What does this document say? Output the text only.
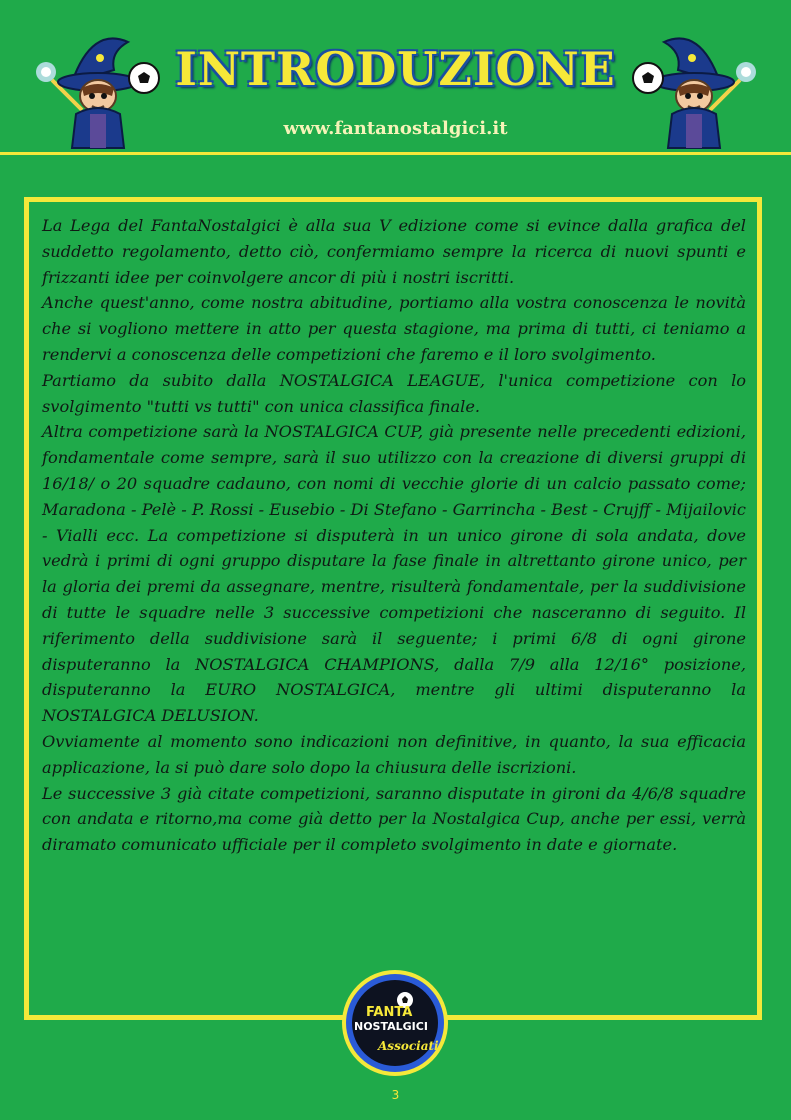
INTRODUZIONE
www.fantanostalgici.it

La Lega del FantaNostalgici è alla sua V edizione come si evince dalla grafica del suddetto regolamento, detto ciò, confermiamo sempre la ricerca di nuovi spunti e frizzanti idee per coinvolgere ancor di più i nostri iscritti.

Anche quest'anno, come nostra abitudine, portiamo alla vostra conoscenza le novità che si vogliono mettere in atto per questa stagione, ma prima di tutti, ci teniamo a rendervi a conoscenza delle competizioni che faremo e il loro svolgimento.

Partiamo da subito dalla NOSTALGICA LEAGUE, l'unica competizione con lo svolgimento "tutti vs tutti" con unica classifica finale.

Altra competizione sarà la NOSTALGICA CUP, già presente nelle precedenti edizioni, fondamentale come sempre, sarà il suo utilizzo con la creazione di diversi gruppi di 16/18/ o 20 squadre cadauno, con nomi di vecchie glorie di un calcio passato come; Maradona - Pelè - P. Rossi - Eusebio - Di Stefano - Garrincha - Best - Crujff - Mijailovic - Vialli ecc. La competizione si disputerà in un unico girone di sola andata, dove vedrà i primi di ogni gruppo disputare la fase finale in altrettanto girone unico, per la gloria dei premi da assegnare, mentre, risulterà fondamentale, per la suddivisione di tutte le squadre nelle 3 successive competizioni che nasceranno di seguito. Il riferimento della suddivisione sarà il seguente; i primi 6/8 di ogni girone disputeranno la NOSTALGICA CHAMPIONS, dalla 7/9 alla 12/16° posizione, disputeranno la EURO NOSTALGICA, mentre gli ultimi disputeranno la NOSTALGICA DELUSION.

Ovviamente al momento sono indicazioni non definitive, in quanto, la sua efficacia applicazione, la si può dare solo dopo la chiusura delle iscrizioni.

Le successive 3 già citate competizioni, saranno disputate in gironi da 4/6/8 squadre con andata e ritorno,ma come già detto per la Nostalgica Cup, anche per essi, verrà diramato comunicato ufficiale per il completo svolgimento in date e giornate.

FANTA
NOSTALGICI
Associati
3
